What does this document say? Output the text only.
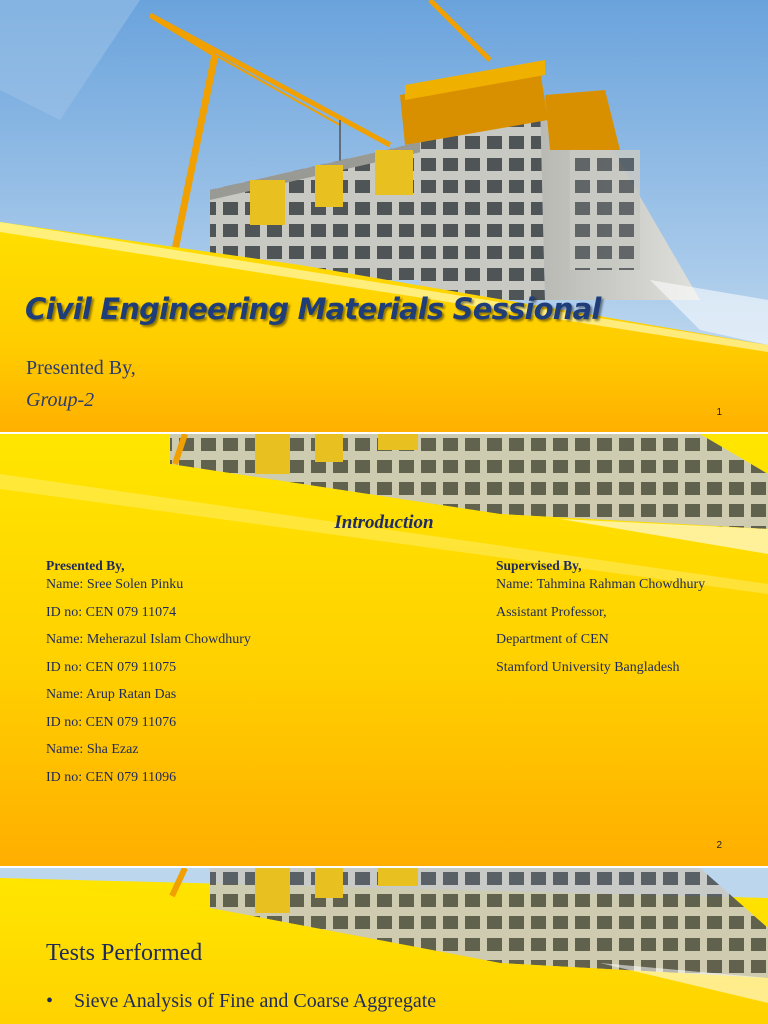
Civil Engineering Materials Sessional
Presented By,
Group-2
1
Introduction
Presented By,
Name: Sree Solen Pinku
ID no: CEN 079 11074
Name: Meherazul Islam Chowdhury
ID no: CEN 079 11075
Name: Arup Ratan Das
ID no: CEN 079 11076
Name: Sha Ezaz
ID no: CEN 079 11096
Supervised By,
Name: Tahmina Rahman Chowdhury
Assistant Professor,
Department of CEN
Stamford University Bangladesh
2
Tests Performed
•	Sieve Analysis of Fine and Coarse Aggregate
